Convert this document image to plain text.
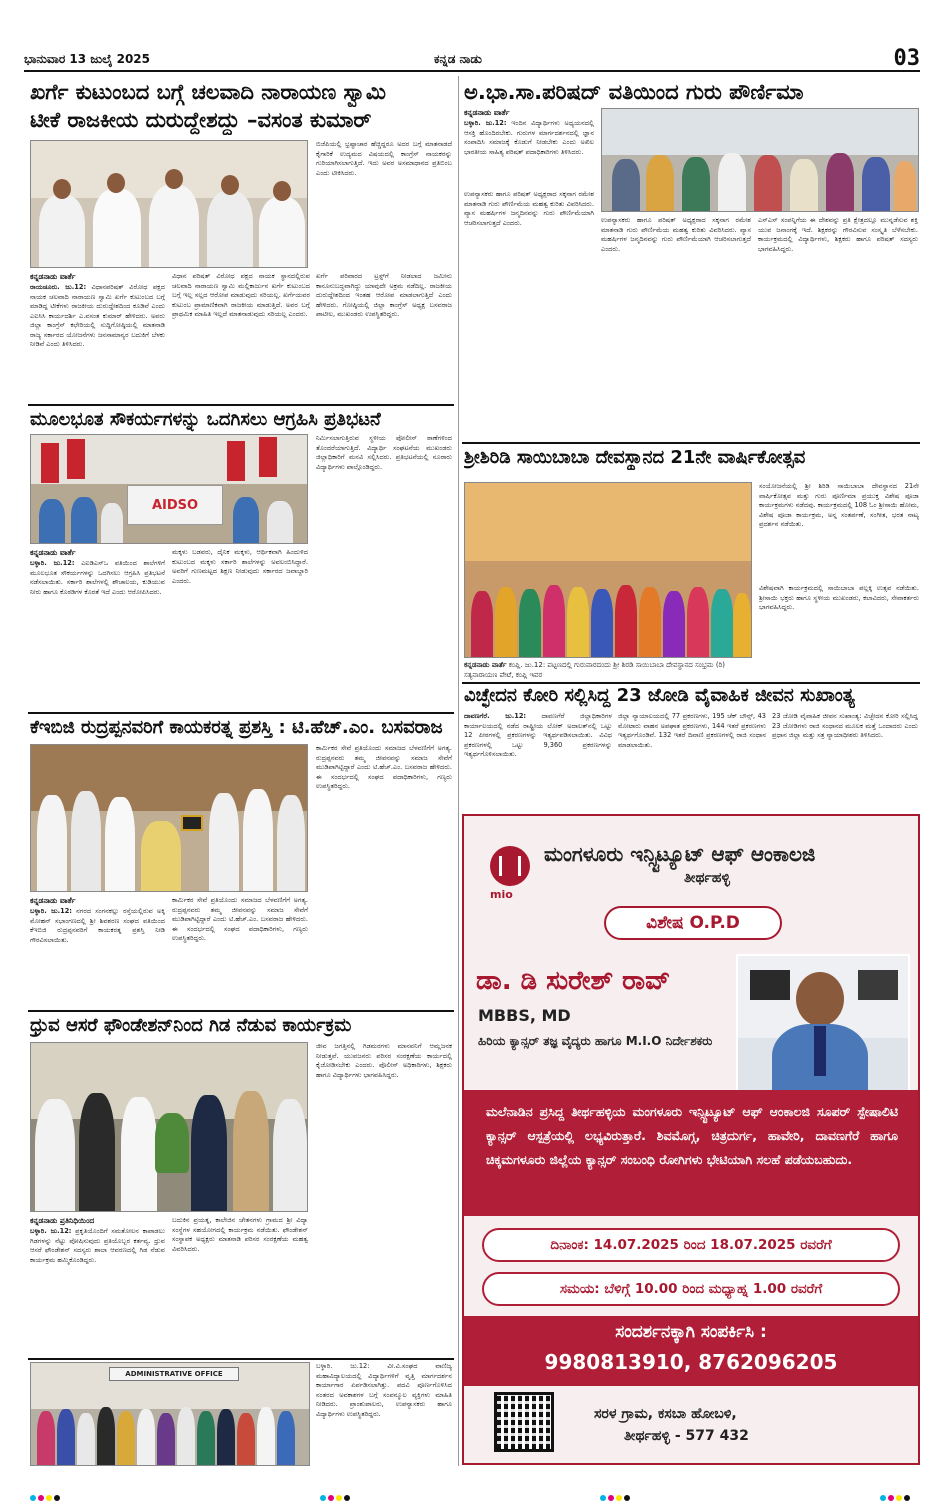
ಭಾನುವಾರ 13 ಜುಲೈ 2025	ಕನ್ನಡ ನಾಡು	03
ಖರ್ಗೆ ಕುಟುಂಬದ ಬಗ್ಗೆ ಚಲವಾದಿ ನಾರಾಯಣ ಸ್ವಾಮಿ
ಟೀಕೆ ರಾಜಕೀಯ ದುರುದ್ದೇಶದ್ದು –ವಸಂತ ಕುಮಾರ್
ಕನ್ನಡನಾಡು ವಾರ್ತೆ

ರಾಯಚೂರು. ಜು.12: ವಿಧಾನಪರಿಷತ್ ವಿರೋಧ ಪಕ್ಷದ ನಾಯಕ ಚಲವಾದಿ ನಾರಾಯಣ ಸ್ವಾಮಿ ಖರ್ಗೆ ಕುಟುಂಬದ ಬಗ್ಗೆ ಮಾಡಿದ್ದ ಟೀಕೆಗಳು ರಾಜಕೀಯ ದುರುದ್ದೇಶದಿಂದ ಕೂಡಿವೆ ಎಂದು ಎಐಸಿಸಿ ಕಾರ್ಯದರ್ಶಿ ಎ.ವಸಂತ ಕುಮಾರ್ ಹೇಳಿದರು. ಅವರು ಜಿಲ್ಲಾ ಕಾಂಗ್ರೆಸ್ ಕಛೇರಿಯಲ್ಲಿ ಸುದ್ದಿಗೋಷ್ಠಿಯಲ್ಲಿ ಮಾತನಾಡಿ ರಾಜ್ಯ ಸರ್ಕಾರದ ಯೋಜನೆಗಳು ಜನಸಾಮಾನ್ಯರ ಬದುಕಿಗೆ ಬೆಳಕು ನೀಡಿವೆ ಎಂದು ತಿಳಿಸಿದರು.

ವಿಧಾನ ಪರಿಷತ್ ವಿರೋಧ ಪಕ್ಷದ ನಾಯಕ ಸ್ಥಾನದಲ್ಲಿರುವ ಚಲವಾದಿ ನಾರಾಯಣ ಸ್ವಾಮಿ ಮಲ್ಲಿಕಾರ್ಜುನ ಖರ್ಗೆ ಕುಟುಂಬದ ಬಗ್ಗೆ ಇಲ್ಲ ಸಲ್ಲದ ಆರೋಪ ಮಾಡುವುದು ಸರಿಯಲ್ಲ. ಖರ್ಗೆಯವರ ಕುಟುಂಬ ಪ್ರಾಮಾಣಿಕವಾಗಿ ರಾಜಕೀಯ ಮಾಡುತ್ತಿದೆ. ಅವರ ಬಗ್ಗೆ ಪ್ರಾಥಮಿಕ ಮಾಹಿತಿ ಇಲ್ಲದೆ ಮಾತನಾಡುವುದು ಸರಿಯಲ್ಲ ಎಂದರು.

ಬಿಜೆಪಿಯಲ್ಲಿ ಭ್ರಷ್ಟಾಚಾರ ಹೆಚ್ಚಿದ್ದರೂ ಅದರ ಬಗ್ಗೆ ಮಾತನಾಡದೆ ಕೈಗಾರಿಕೆ ಉದ್ಯಮದ ವಿಷಯದಲ್ಲಿ ಕಾಂಗ್ರೆಸ್ ನಾಯಕರನ್ನು ಗುರಿಯಾಗಿಸಲಾಗುತ್ತಿದೆ. ಇದು ಅವರ ಅಸಮಾಧಾನದ ಪ್ರತಿಬಿಂಬ ಎಂದು ಟೀಕಿಸಿದರು.

ಖರ್ಗೆ ಪರಿವಾರದ ಟ್ರಸ್ಟ್‌ಗೆ ನೀಡಲಾದ ಜಮೀನು ಕಾನೂನುಬದ್ಧವಾಗಿದ್ದು ಯಾವುದೇ ಅಕ್ರಮ ನಡೆದಿಲ್ಲ. ರಾಜಕೀಯ ದುರುದ್ದೇಶದಿಂದ ಇಂತಹ ಆರೋಪ ಮಾಡಲಾಗುತ್ತಿದೆ ಎಂದು ಹೇಳಿದರು. ಗೋಷ್ಠಿಯಲ್ಲಿ ಜಿಲ್ಲಾ ಕಾಂಗ್ರೆಸ್ ಅಧ್ಯಕ್ಷ ಬಸವರಾಜ ಪಾಟೀಲ, ಮುಖಂಡರು ಉಪಸ್ಥಿತರಿದ್ದರು.

ಅ.ಭಾ.ಸಾ.ಪರಿಷದ್ ವತಿಯಿಂದ ಗುರು ಪೌರ್ಣಿಮಾ
ಕನ್ನಡನಾಡು ವಾರ್ತೆ

ಬಳ್ಳಾರಿ. ಜು.12: ಇಂದಿನ ವಿದ್ಯಾರ್ಥಿಗಳು ಅಧ್ಯಯನದಲ್ಲಿ ಆಸಕ್ತಿ ಹೊಂದಿರಬೇಕು. ಗುರುಗಳ ಮಾರ್ಗದರ್ಶನದಲ್ಲಿ ಜ್ಞಾನ ಸಂಪಾದಿಸಿ ಸಮಾಜಕ್ಕೆ ಕೊಡುಗೆ ನೀಡಬೇಕು ಎಂದು ಅಖಿಲ ಭಾರತೀಯ ಸಾಹಿತ್ಯ ಪರಿಷತ್ ಪದಾಧಿಕಾರಿಗಳು ತಿಳಿಸಿದರು.

ಉಪನ್ಯಾಸಕರು ಹಾಗೂ ಪರಿಷತ್ ಅಧ್ಯಕ್ಷರಾದ ಸಕ್ಕನಾಗ ರಮೇಶ ಮಾತನಾಡಿ ಗುರು ಪೌರ್ಣಿಮೆಯ ಮಹತ್ವ ಕುರಿತು ವಿವರಿಸಿದರು. ವ್ಯಾಸ ಮಹರ್ಷಿಗಳ ಜನ್ಮದಿನವನ್ನು ಗುರು ಪೌರ್ಣಿಮೆಯಾಗಿ ಆಚರಿಸಲಾಗುತ್ತದೆ ಎಂದರು.	ಉಪನ್ಯಾಸಕರು ಹಾಗೂ ಪರಿಷತ್ ಅಧ್ಯಕ್ಷರಾದ ಸಕ್ಕನಾಗ ರಮೇಶ ಮಾತನಾಡಿ ಗುರು ಪೌರ್ಣಿಮೆಯ ಮಹತ್ವ ಕುರಿತು ವಿವರಿಸಿದರು. ವ್ಯಾಸ ಮಹರ್ಷಿಗಳ ಜನ್ಮದಿನವನ್ನು ಗುರು ಪೌರ್ಣಿಮೆಯಾಗಿ ಆಚರಿಸಲಾಗುತ್ತದೆ ಎಂದರು.

ಎಸ್ಎಸ್ ಸಂಪನ್ನಿಗೆಯ ಈ ದೇಶವನ್ನು ಪ್ರತಿ ಕ್ಷೇತ್ರದಲ್ಲೂ ಮುನ್ನಡೆಸುವ ಶಕ್ತಿ ಯುವ ಜನಾಂಗಕ್ಕೆ ಇದೆ. ಶಿಕ್ಷಕರನ್ನು ಗೌರವಿಸುವ ಸಂಸ್ಕೃತಿ ಬೆಳೆಸಬೇಕು. ಕಾರ್ಯಕ್ರಮದಲ್ಲಿ ವಿದ್ಯಾರ್ಥಿಗಳು, ಶಿಕ್ಷಕರು ಹಾಗೂ ಪರಿಷತ್ ಸದಸ್ಯರು ಭಾಗವಹಿಸಿದ್ದರು.

ಮೂಲಭೂತ ಸೌಕರ್ಯಗಳನ್ನು ಒದಗಿಸಲು ಆಗ್ರಹಿಸಿ ಪ್ರತಿಭಟನೆ
AIDSO
ಕನ್ನಡನಾಡು ವಾರ್ತೆ

ಬಳ್ಳಾರಿ. ಜು.12: ಎಐಡಿಎಸ್‌ಒ ವತಿಯಿಂದ ಶಾಲೆಗಳಿಗೆ ಮೂಲಭೂತ ಸೌಕರ್ಯಗಳನ್ನು ಒದಗಿಸಲು ಆಗ್ರಹಿಸಿ ಪ್ರತಿಭಟನೆ ನಡೆಸಲಾಯಿತು. ಸರ್ಕಾರಿ ಶಾಲೆಗಳಲ್ಲಿ ಶೌಚಾಲಯ, ಕುಡಿಯುವ ನೀರು ಹಾಗೂ ಕೊಠಡಿಗಳ ಕೊರತೆ ಇದೆ ಎಂದು ಆರೋಪಿಸಿದರು.

ಮಕ್ಕಳು ಬಡವರು, ದೈನಿಕ ಮಕ್ಕಳು, ಆರ್ಥಿಕವಾಗಿ ಹಿಂದುಳಿದ ಕುಟುಂಬದ ಮಕ್ಕಳು ಸರ್ಕಾರಿ ಶಾಲೆಗಳನ್ನು ಅವಲಂಬಿಸಿದ್ದಾರೆ. ಅವರಿಗೆ ಗುಣಮಟ್ಟದ ಶಿಕ್ಷಣ ನೀಡುವುದು ಸರ್ಕಾರದ ಜವಾಬ್ದಾರಿ ಎಂದರು.

ನಿರ್ಮಿಸಲಾಗುತ್ತಿರುವ ಸ್ಥಳೀಯ ಪೋಲೀಸ್ ಠಾಣೆಗಳಿಂದ ತೊಂದರೆಯಾಗುತ್ತಿದೆ. ವಿದ್ಯಾರ್ಥಿ ಸಂಘಟನೆಯ ಮುಖಂಡರು ಜಿಲ್ಲಾಧಿಕಾರಿಗೆ ಮನವಿ ಸಲ್ಲಿಸಿದರು. ಪ್ರತಿಭಟನೆಯಲ್ಲಿ ನೂರಾರು ವಿದ್ಯಾರ್ಥಿಗಳು ಪಾಲ್ಗೊಂಡಿದ್ದರು.	ಶ್ರೀಶಿರಿಡಿ ಸಾಯಿಬಾಬಾ ದೇವಸ್ಥಾನದ 21ನೇ ವಾರ್ಷಿಕೋತ್ಸವ
ಕನ್ನಡನಾಡು ವಾರ್ತೆ ಕಂಪ್ಲಿ. ಜು.12: ಪಟ್ಟಣದಲ್ಲಿ ಗುರುವಾರದಂದು ಶ್ರೀ ಶಿರಡಿ ಸಾಯಿಬಾಬಾ ದೇವಸ್ಥಾನದ ಸಂಭ್ರಮ (ರಿ) ಸತ್ಯನಾರಾಯಣ ಪೇಟೆ, ಕಂಪ್ಲಿ ಇವರ

ಸಂಯೋಜನೆಯಲ್ಲಿ ಶ್ರೀ ಶಿರಿಡಿ ಸಾಯಿಬಾಬಾ ದೇವಸ್ಥಾನದ 21ನೇ ವಾರ್ಷಿಕೋತ್ಸವ ಮತ್ತು ಗುರು ಪೂರ್ಣಿಮಾ ಪ್ರಯುಕ್ತ ವಿಶೇಷ ಪೂಜಾ ಕಾರ್ಯಕ್ರಮಗಳು ನಡೆದವು. ಕಾರ್ಯಕ್ರಮದಲ್ಲಿ 108 ಓಂ ಶ್ರೀಸಾಯಿ ಹೋಮ, ವಿಶೇಷ ಪೂಜಾ ಕಾರ್ಯಕ್ರಮ, ಅನ್ನ ಸಂತರ್ಪಣೆ, ಸಂಗೀತ, ಭರತ ನಾಟ್ಯ ಪ್ರದರ್ಶನ ನಡೆಯಿತು.

ವಿಶೇಷವಾಗಿ ಕಾರ್ಯಕ್ರಮದಲ್ಲಿ ಸಾಯಿಬಾಬಾ ಪಲ್ಲಕ್ಕಿ ಉತ್ಸವ ನಡೆಯಿತು. ಶ್ರೀಸಾಯಿ ಭಕ್ತರು ಹಾಗೂ ಸ್ಥಳೀಯ ಮುಖಂಡರು, ಕಲಾವಿದರು, ಸೇವಾಕರ್ತರು ಭಾಗವಹಿಸಿದ್ದರು.

ವಿಚ್ಛೇದನ ಕೋರಿ ಸಲ್ಲಿಸಿದ್ದ 23 ಜೋಡಿ ವೈವಾಹಿಕ ಜೀವನ ಸುಖಾಂತ್ಯ

ದಾವಣಗೆರೆ. ಜು.12: ದಾವಣಗೆರೆ ಜಿಲ್ಲಾಧಿಕಾರಿಗಳ ಕಾರ್ಯಾಲಯದಲ್ಲಿ ನಡೆದ ರಾಷ್ಟ್ರೀಯ ಲೋಕ್ ಅದಾಲತ್‌ನಲ್ಲಿ ಒಟ್ಟು 12 ಪೀಠಗಳಲ್ಲಿ ಪ್ರಕರಣಗಳನ್ನು ಇತ್ಯರ್ಥಪಡಿಸಲಾಯಿತು. ವಿವಿಧ ಪ್ರಕರಣಗಳಲ್ಲಿ ಒಟ್ಟು 9,360 ಪ್ರಕರಣಗಳನ್ನು ಇತ್ಯರ್ಥಗೊಳಿಸಲಾಯಿತು.

ಜಿಲ್ಲಾ ನ್ಯಾಯಾಲಯದಲ್ಲಿ 77 ಪ್ರಕರಣಗಳು, 195 ಚೆಕ್ ಬೌನ್ಸ್, 43 ಮೋಟಾರು ವಾಹನ ಅಪಘಾತ ಪ್ರಕರಣಗಳು, 144 ಇತರೆ ಪ್ರಕರಣಗಳು ಇತ್ಯರ್ಥಗೊಂಡಿವೆ. 132 ಇತರೆ ದಿವಾಣಿ ಪ್ರಕರಣಗಳಲ್ಲಿ ರಾಜಿ ಸಂಧಾನ ಮಾಡಲಾಯಿತು.

23 ಜೋಡಿ ವೈವಾಹಿಕ ಜೀವನ ಸುಖಾಂತ್ಯ: ವಿಚ್ಛೇದನ ಕೋರಿ ಸಲ್ಲಿಸಿದ್ದ 23 ಜೋಡಿಗಳು ರಾಜಿ ಸಂಧಾನದ ಮೂಲಕ ಮತ್ತೆ ಒಂದಾದರು ಎಂದು ಪ್ರಧಾನ ಜಿಲ್ಲಾ ಮತ್ತು ಸತ್ರ ನ್ಯಾಯಾಧೀಶರು ತಿಳಿಸಿದರು.

ಕೆಇಬಿಜಿ ರುದ್ರಪ್ಪನವರಿಗೆ ಕಾಯಕರತ್ನ ಪ್ರಶಸ್ತಿ : ಟಿ.ಹೆಚ್.ಎಂ. ಬಸವರಾಜ
ಕನ್ನಡನಾಡು ವಾರ್ತೆ

ಬಳ್ಳಾರಿ. ಜು.12: ನಗರದ ಸಂಗನಕಲ್ಲು ರಸ್ತೆಯಲ್ಲಿರುವ ಅಕ್ಕಿ ಮೋಹನ್ ಸಭಾಂಗಣದಲ್ಲಿ ಶ್ರೀ ಶಿವಶರಣ ಸಂಘದ ವತಿಯಿಂದ ಕೆಇಬಿಜಿ ರುದ್ರಪ್ಪನವರಿಗೆ ಕಾಯಕರತ್ನ ಪ್ರಶಸ್ತಿ ನೀಡಿ ಗೌರವಿಸಲಾಯಿತು.

ಕಾರ್ಮಿಕರ ಸೇವೆ ಪ್ರತಿಯೊಂದು ಸಮಾಜದ ಬೆಳವಣಿಗೆಗೆ ಅಗತ್ಯ. ರುದ್ರಪ್ಪನವರು ತಮ್ಮ ಜೀವನವನ್ನು ಸಮಾಜ ಸೇವೆಗೆ ಮುಡಿಪಾಗಿಟ್ಟಿದ್ದಾರೆ ಎಂದು ಟಿ.ಹೆಚ್.ಎಂ. ಬಸವರಾಜ ಹೇಳಿದರು. ಈ ಸಂದರ್ಭದಲ್ಲಿ ಸಂಘದ ಪದಾಧಿಕಾರಿಗಳು, ಗಣ್ಯರು ಉಪಸ್ಥಿತರಿದ್ದರು.

ಕಾರ್ಮಿಕರ ಸೇವೆ ಪ್ರತಿಯೊಂದು ಸಮಾಜದ ಬೆಳವಣಿಗೆಗೆ ಅಗತ್ಯ. ರುದ್ರಪ್ಪನವರು ತಮ್ಮ ಜೀವನವನ್ನು ಸಮಾಜ ಸೇವೆಗೆ ಮುಡಿಪಾಗಿಟ್ಟಿದ್ದಾರೆ ಎಂದು ಟಿ.ಹೆಚ್.ಎಂ. ಬಸವರಾಜ ಹೇಳಿದರು. ಈ ಸಂದರ್ಭದಲ್ಲಿ ಸಂಘದ ಪದಾಧಿಕಾರಿಗಳು, ಗಣ್ಯರು ಉಪಸ್ಥಿತರಿದ್ದರು.

ಧ್ರುವ ಆಸರೆ ಫೌಂಡೇಶನ್‌ನಿಂದ ಗಿಡ ನೆಡುವ ಕಾರ್ಯಕ್ರಮ
ಕನ್ನಡನಾಡು ಪ್ರತಿನಿಧಿಯಿಂದ

ಬಳ್ಳಾರಿ. ಜು.12: ಪ್ರಕೃತಿಯೊಂದಿಗೆ ಸಮತೋಲನ ಕಾಪಾಡಲು ಗಿಡಗಳನ್ನು ನೆಟ್ಟು ಪೋಷಿಸುವುದು ಪ್ರತಿಯೊಬ್ಬರ ಕರ್ತವ್ಯ. ಧ್ರುವ ಆಸರೆ ಫೌಂಡೇಶನ್ ಸದಸ್ಯರು ಶಾಲಾ ಆವರಣದಲ್ಲಿ ಗಿಡ ನೆಡುವ ಕಾರ್ಯಕ್ರಮ ಹಮ್ಮಿಕೊಂಡಿದ್ದರು.

ಬದುಕಿನ ಪ್ರಯತ್ನ, ಕಾಲೇಜಿನ ಚೇತನಗಳು ಗ್ರಾಮದ ಶ್ರೀ ವಿದ್ಯಾ ಸಂಸ್ಥೆಗಳ ಸಹಯೋಗದಲ್ಲಿ ಕಾರ್ಯಕ್ರಮ ನಡೆಯಿತು. ಫೌಂಡೇಶನ್ ಸಂಸ್ಥಾಪಕ ಅಧ್ಯಕ್ಷರು ಮಾತನಾಡಿ ಪರಿಸರ ಸಂರಕ್ಷಣೆಯ ಮಹತ್ವ ವಿವರಿಸಿದರು.

ಜೀವ ಜಗತ್ತಿನಲ್ಲಿ ಗಿಡಮರಗಳು ಮಾನವನಿಗೆ ಆಮ್ಲಜನಕ ನೀಡುತ್ತವೆ. ಯುವಜನರು ಪರಿಸರ ಸಂರಕ್ಷಣೆಯ ಕಾರ್ಯದಲ್ಲಿ ಕೈಜೋಡಿಸಬೇಕು ಎಂದರು. ಪೊಲೀಸ್ ಅಧಿಕಾರಿಗಳು, ಶಿಕ್ಷಕರು ಹಾಗೂ ವಿದ್ಯಾರ್ಥಿಗಳು ಭಾಗವಹಿಸಿದ್ದರು.

ADMINISTRATIVE OFFICE

ಬಳ್ಳಾರಿ. ಜು.12: ವೀ.ವಿ.ಸಂಘದ ವಾಣಿಜ್ಯ ಮಹಾವಿದ್ಯಾಲಯದಲ್ಲಿ ವಿದ್ಯಾರ್ಥಿಗಳಿಗೆ ವೃತ್ತಿ ಮಾರ್ಗದರ್ಶನ ಕಾರ್ಯಾಗಾರ ಏರ್ಪಡಿಸಲಾಗಿತ್ತು. ಪದವಿ ಪೂರ್ಣಗೊಳಿಸಿದ ನಂತರದ ಅವಕಾಶಗಳ ಬಗ್ಗೆ ಸಂಪನ್ಮೂಲ ವ್ಯಕ್ತಿಗಳು ಮಾಹಿತಿ ನೀಡಿದರು. ಪ್ರಾಂಶುಪಾಲರು, ಉಪನ್ಯಾಸಕರು ಹಾಗೂ ವಿದ್ಯಾರ್ಥಿಗಳು ಉಪಸ್ಥಿತರಿದ್ದರು.

mio
ಮಂಗಳೂರು ಇನ್ಸ್ಟಿಟ್ಯೂಟ್ ಆಫ್ ಆಂಕಾಲಜಿ
ತೀರ್ಥಹಳ್ಳಿ
ವಿಶೇಷ O.P.D
ಡಾ. ಡಿ ಸುರೇಶ್ ರಾವ್
MBBS, MD
ಹಿರಿಯ ಕ್ಯಾನ್ಸರ್ ತಜ್ಞ ವೈದ್ಯರು ಹಾಗೂ M.I.O ನಿರ್ದೇಶಕರು

ಮಲೆನಾಡಿನ ಪ್ರಸಿದ್ದ ತೀರ್ಥಹಳ್ಳಿಯ ಮಂಗಳೂರು ಇನ್ಸ್ಟಿಟ್ಯೂಟ್ ಆಫ್ ಆಂಕಾಲಜಿ ಸೂಪರ್ ಸ್ಪೇಷಾಲಿಟಿ ಕ್ಯಾನ್ಸರ್ ಆಸ್ಪತ್ರೆಯಲ್ಲಿ ಲಭ್ಯವಿರುತ್ತಾರೆ. ಶಿವಮೊಗ್ಗ, ಚಿತ್ರದುರ್ಗ, ಹಾವೇರಿ, ದಾವಣಗೆರೆ ಹಾಗೂ ಚಿಕ್ಕಮಗಳೂರು ಜಿಲ್ಲೆಯ ಕ್ಯಾನ್ಸರ್ ಸಂಬಂಧಿ ರೋಗಿಗಳು ಭೇಟಿಯಾಗಿ ಸಲಹೆ ಪಡೆಯಬಹುದು.

ದಿನಾಂಕ: 14.07.2025 ರಿಂದ 18.07.2025 ರವರೆಗೆ
ಸಮಯ: ಬೆಳಿಗ್ಗೆ 10.00 ರಿಂದ ಮಧ್ಯಾಹ್ನ 1.00 ರವರೆಗೆ
ಸಂದರ್ಶನಕ್ಕಾಗಿ ಸಂಪರ್ಕಿಸಿ :
9980813910, 8762096205
ಸರಳ ಗ್ರಾಮ, ಕಸಬಾ ಹೋಬಳಿ,
ತೀರ್ಥಹಳ್ಳಿ - 577 432
